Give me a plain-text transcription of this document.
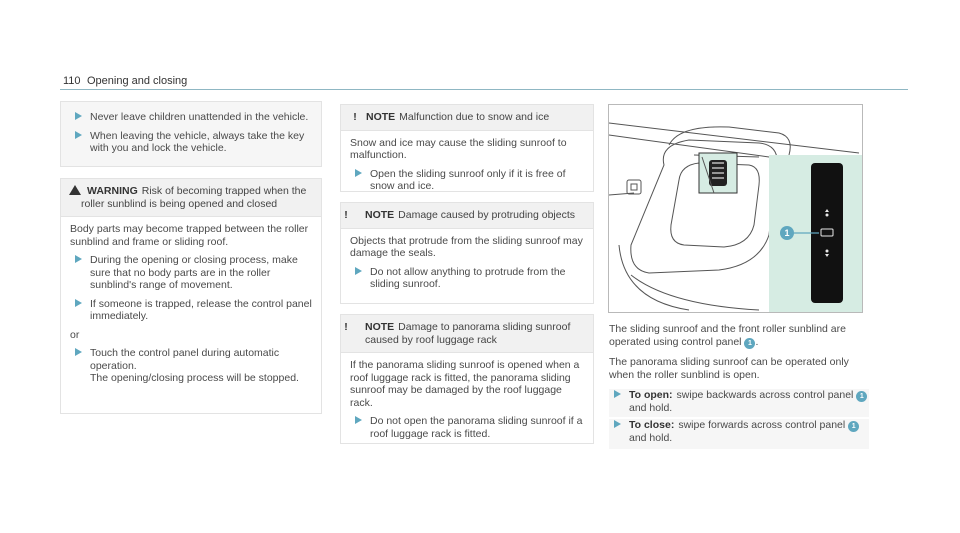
110 Opening and closing
Never leave children unattended in the vehicle.
When leaving the vehicle, always take the key with you and lock the vehicle.
WARNING Risk of becoming trapped when the roller sunblind is being opened and closed

Body parts may become trapped between the roller sunblind and frame or sliding roof.

During the opening or closing process, make sure that no body parts are in the roller sunblind's range of movement.
If someone is trapped, release the control panel immediately.

or

Touch the control panel during automatic operation.
The opening/closing process will be stopped.
! NOTE Malfunction due to snow and ice

Snow and ice may cause the sliding sunroof to malfunction.

Open the sliding sunroof only if it is free of snow and ice.
! NOTE Damage caused by protruding objects

Objects that protrude from the sliding sunroof may damage the seals.

Do not allow anything to protrude from the sliding sunroof.
! NOTE Damage to panorama sliding sunroof caused by roof luggage rack

If the panorama sliding sunroof is opened when a roof luggage rack is fitted, the panorama sliding sunroof may be damaged by the roof luggage rack.

Do not open the panorama sliding sunroof if a roof luggage rack is fitted.
1
The sliding sunroof and the front roller sunblind are operated using control panel 1 .
The panorama sliding sunroof can be operated only when the roller sunblind is open.
To open: swipe backwards across control panel 1 and hold.
To close: swipe forwards across control panel 1 and hold.
